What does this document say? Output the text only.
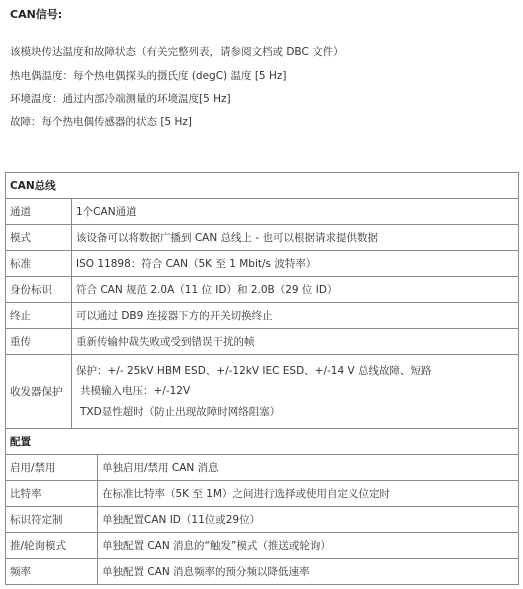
CAN信号:
该模块传达温度和故障状态（有关完整列表，请参阅文档或 DBC 文件）
热电偶温度：每个热电偶探头的摄氏度 (degC) 温度 [5 Hz]
环境温度：通过内部冷端测量的环境温度[5 Hz]
故障：每个热电偶传感器的状态 [5 Hz]
CAN总线	
通道	1个CAN通道
模式	该设备可以将数据广播到 CAN 总线上 - 也可以根据请求提供数据
标准	ISO 11898：符合 CAN（5K 至 1 Mbit/s 波特率）
身份标识	符合 CAN 规范 2.0A（11 位 ID）和 2.0B（29 位 ID）
终止	可以通过 DB9 连接器下方的开关切换终止
重传	重新传输仲裁失败或受到错误干扰的帧
收发器保护	保护：+/- 25kV HBM ESD、+/-12kV IEC ESD、+/-14 V 总线故障、短路
共模输入电压：+/-12V
TXD显性超时（防止出现故障时网络阻塞）
配置	
启用/禁用	单独启用/禁用 CAN 消息
比特率	在标准比特率（5K 至 1M）之间进行选择或使用自定义位定时
标识符定制	单独配置CAN ID（11位或29位）
推/轮询模式	单独配置 CAN 消息的“触发”模式（推送或轮询）
频率	单独配置 CAN 消息频率的预分频以降低速率
